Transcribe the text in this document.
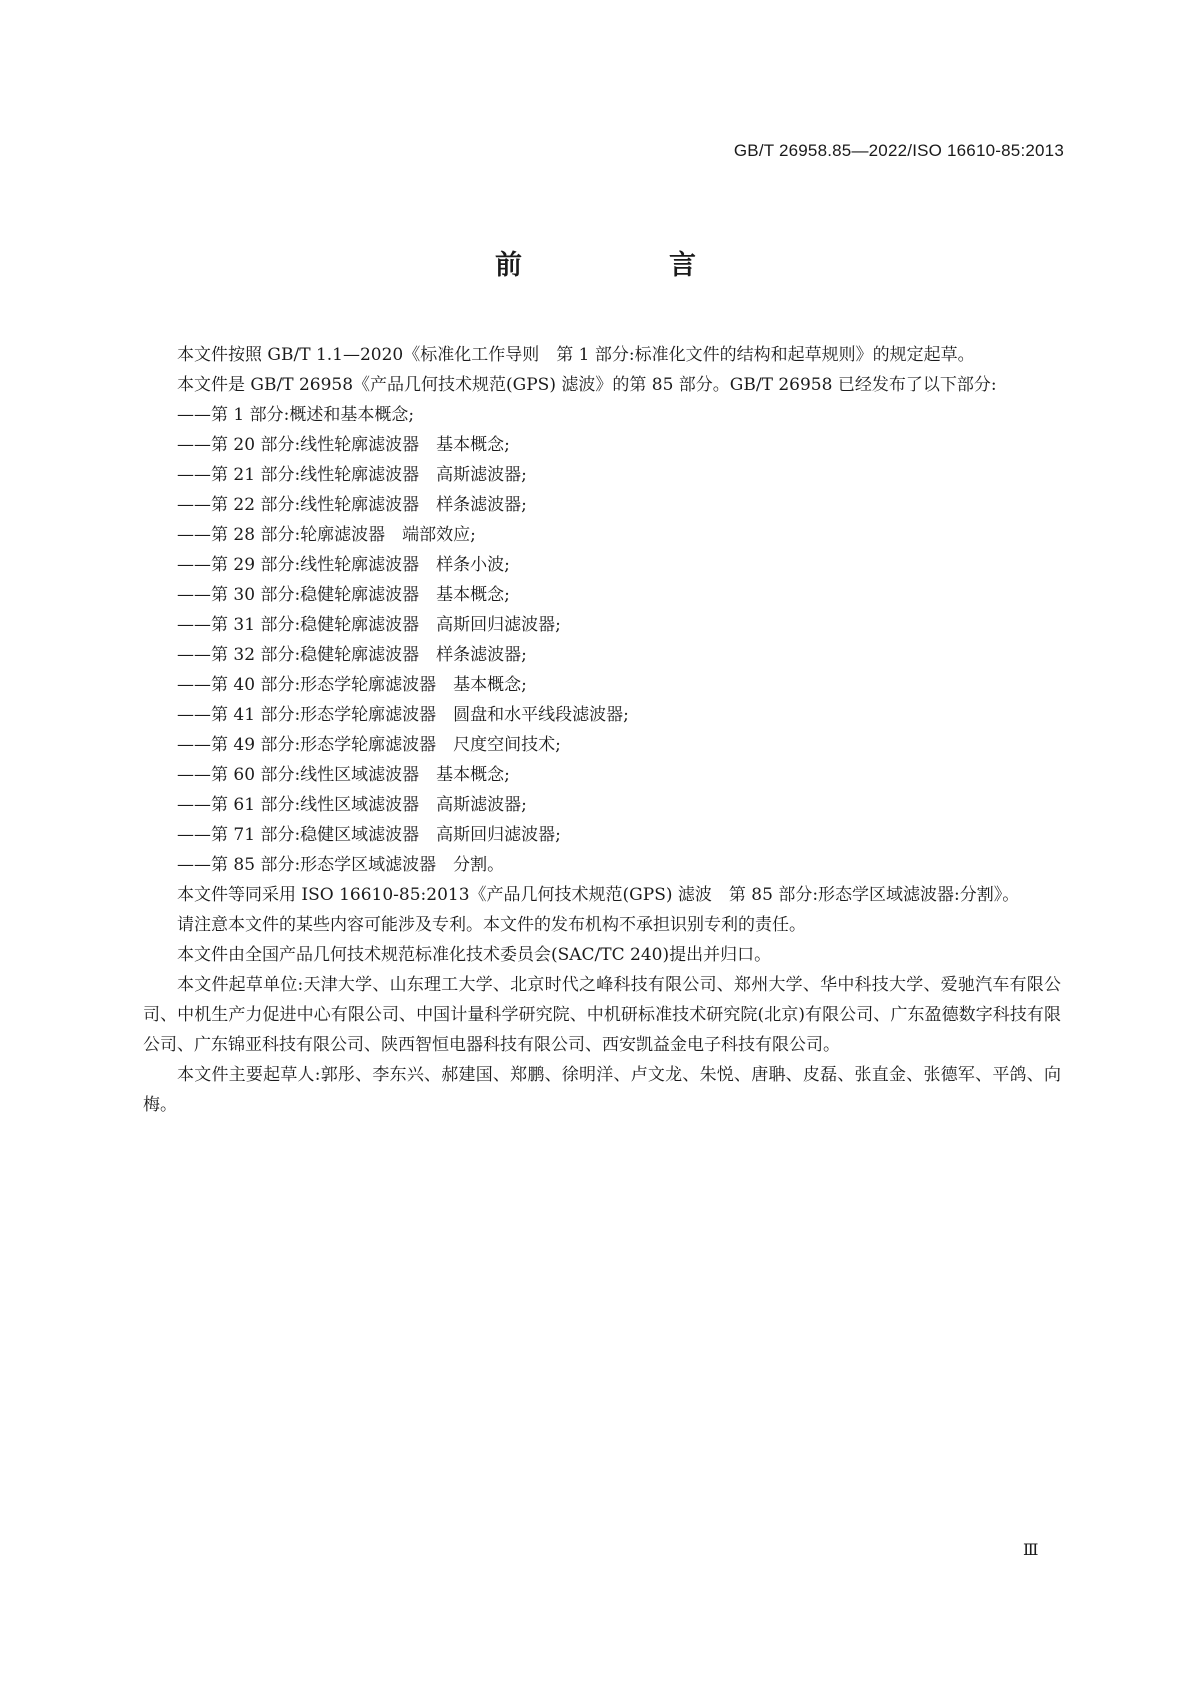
GB/T 26958.85—2022/ISO 16610-85:2013
前　言

本文件按照 GB/T 1.1—2020《标准化工作导则　第 1 部分:标准化文件的结构和起草规则》的规定起草。

本文件是 GB/T 26958《产品几何技术规范(GPS) 滤波》的第 85 部分。GB/T 26958 已经发布了以下部分:

——第 1 部分:概述和基本概念;

——第 20 部分:线性轮廓滤波器　基本概念;

——第 21 部分:线性轮廓滤波器　高斯滤波器;

——第 22 部分:线性轮廓滤波器　样条滤波器;

——第 28 部分:轮廓滤波器　端部效应;

——第 29 部分:线性轮廓滤波器　样条小波;

——第 30 部分:稳健轮廓滤波器　基本概念;

——第 31 部分:稳健轮廓滤波器　高斯回归滤波器;

——第 32 部分:稳健轮廓滤波器　样条滤波器;

——第 40 部分:形态学轮廓滤波器　基本概念;

——第 41 部分:形态学轮廓滤波器　圆盘和水平线段滤波器;

——第 49 部分:形态学轮廓滤波器　尺度空间技术;

——第 60 部分:线性区域滤波器　基本概念;

——第 61 部分:线性区域滤波器　高斯滤波器;

——第 71 部分:稳健区域滤波器　高斯回归滤波器;

——第 85 部分:形态学区域滤波器　分割。

本文件等同采用 ISO 16610-85:2013《产品几何技术规范(GPS) 滤波　第 85 部分:形态学区域滤波器:分割》。

请注意本文件的某些内容可能涉及专利。本文件的发布机构不承担识别专利的责任。

本文件由全国产品几何技术规范标准化技术委员会(SAC/TC 240)提出并归口。

本文件起草单位:天津大学、山东理工大学、北京时代之峰科技有限公司、郑州大学、华中科技大学、爱驰汽车有限公司、中机生产力促进中心有限公司、中国计量科学研究院、中机研标准技术研究院(北京)有限公司、广东盈德数字科技有限公司、广东锦亚科技有限公司、陕西智恒电器科技有限公司、西安凯益金电子科技有限公司。

本文件主要起草人:郭彤、李东兴、郝建国、郑鹏、徐明洋、卢文龙、朱悦、唐聃、皮磊、张直金、张德军、平鸽、向梅。

Ⅲ
